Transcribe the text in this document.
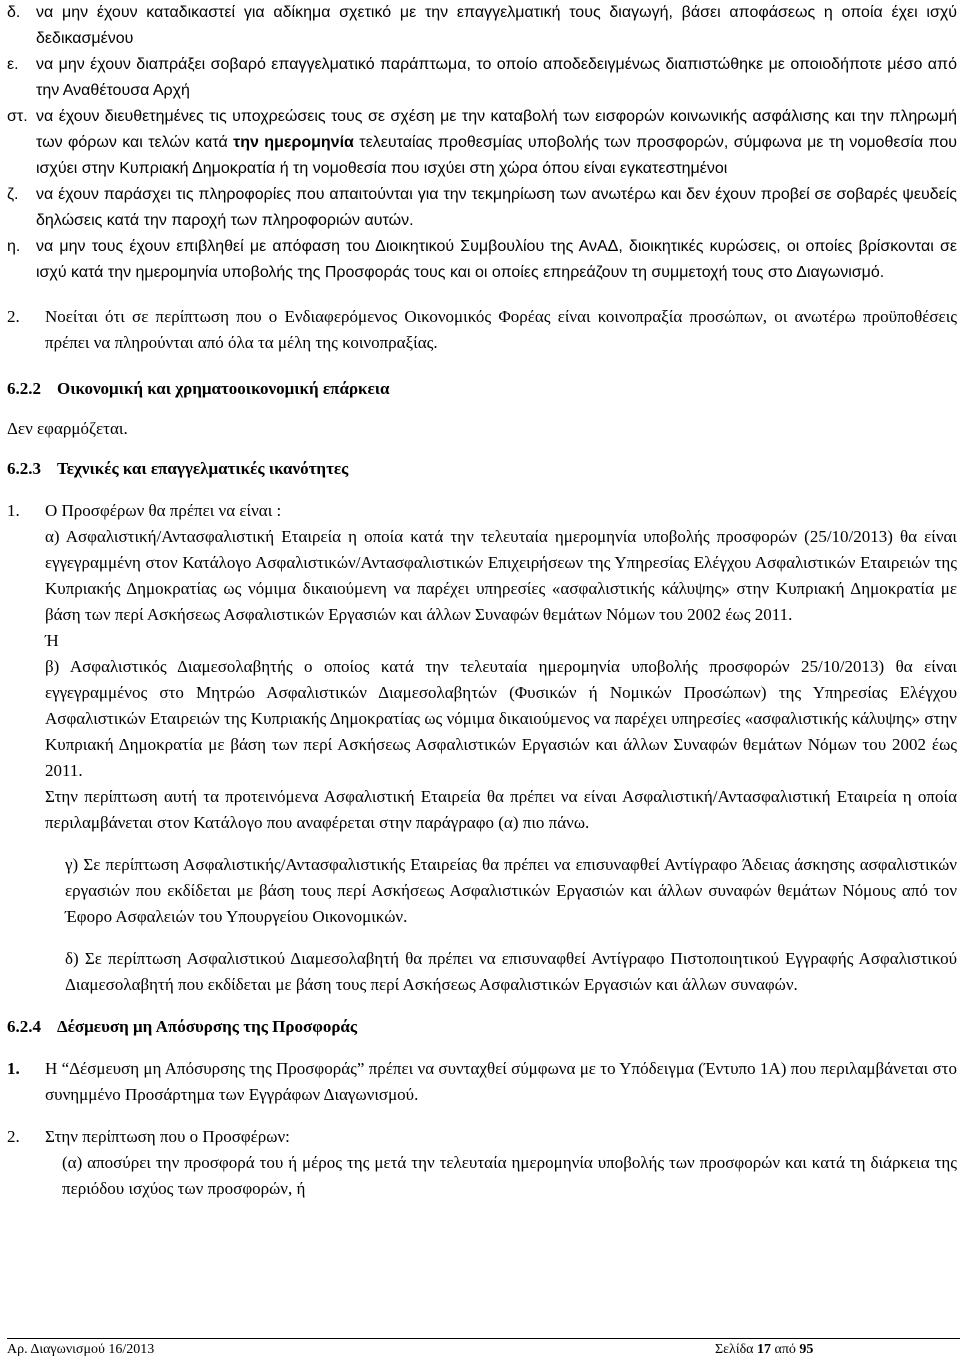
δ. να μην έχουν καταδικαστεί για αδίκημα σχετικό με την επαγγελματική τους διαγωγή, βάσει αποφάσεως η οποία έχει ισχύ δεδικασμένου
ε. να μην έχουν διαπράξει σοβαρό επαγγελματικό παράπτωμα, το οποίο αποδεδειγμένως διαπιστώθηκε με οποιοδήποτε μέσο από την Αναθέτουσα Αρχή
στ. να έχουν διευθετημένες τις υποχρεώσεις τους σε σχέση με την καταβολή των εισφορών κοινωνικής ασφάλισης και την πληρωμή των φόρων και τελών κατά την ημερομηνία τελευταίας προθεσμίας υποβολής των προσφορών, σύμφωνα με τη νομοθεσία που ισχύει στην Κυπριακή Δημοκρατία ή τη νομοθεσία που ισχύει στη χώρα όπου είναι εγκατεστημένοι
ζ. να έχουν παράσχει τις πληροφορίες που απαιτούνται για την τεκμηρίωση των ανωτέρω και δεν έχουν προβεί σε σοβαρές ψευδείς δηλώσεις κατά την παροχή των πληροφοριών αυτών.
η. να μην τους έχουν επιβληθεί με απόφαση του Διοικητικού Συμβουλίου της ΑνΑΔ, διοικητικές κυρώσεις, οι οποίες βρίσκονται σε ισχύ κατά την ημερομηνία υποβολής της Προσφοράς τους και οι οποίες επηρεάζουν τη συμμετοχή τους στο Διαγωνισμό.
2. Νοείται ότι σε περίπτωση που ο Ενδιαφερόμενος Οικονομικός Φορέας είναι κοινοπραξία προσώπων, οι ανωτέρω προϋποθέσεις πρέπει να πληρούνται από όλα τα μέλη της κοινοπραξίας.
6.2.2 Οικονομική και χρηματοοικονομική επάρκεια
Δεν εφαρμόζεται.
6.2.3 Τεχνικές και επαγγελματικές ικανότητες
1. Ο Προσφέρων θα πρέπει να είναι :
α) Ασφαλιστική/Αντασφαλιστική Εταιρεία η οποία κατά την τελευταία ημερομηνία υποβολής προσφορών (25/10/2013) θα είναι εγγεγραμμένη στον Κατάλογο Ασφαλιστικών/Αντασφαλιστικών Επιχειρήσεων της Υπηρεσίας Ελέγχου Ασφαλιστικών Εταιρειών της Κυπριακής Δημοκρατίας ως νόμιμα δικαιούμενη να παρέχει υπηρεσίες «ασφαλιστικής κάλυψης» στην Κυπριακή Δημοκρατία με βάση των περί Ασκήσεως Ασφαλιστικών Εργασιών και άλλων Συναφών θεμάτων Νόμων του 2002 έως 2011.
Ή
β) Ασφαλιστικός Διαμεσολαβητής ο οποίος κατά την τελευταία ημερομηνία υποβολής προσφορών 25/10/2013) θα είναι εγγεγραμμένος στο Μητρώο Ασφαλιστικών Διαμεσολαβητών (Φυσικών ή Νομικών Προσώπων) της Υπηρεσίας Ελέγχου Ασφαλιστικών Εταιρειών της Κυπριακής Δημοκρατίας ως νόμιμα δικαιούμενος να παρέχει υπηρεσίες «ασφαλιστικής κάλυψης» στην Κυπριακή Δημοκρατία με βάση των περί Ασκήσεως Ασφαλιστικών Εργασιών και άλλων Συναφών θεμάτων Νόμων του 2002 έως 2011.
Στην περίπτωση αυτή τα προτεινόμενα Ασφαλιστική Εταιρεία θα πρέπει να είναι Ασφαλιστική/Αντασφαλιστική Εταιρεία η οποία περιλαμβάνεται στον Κατάλογο που αναφέρεται στην παράγραφο (α) πιο πάνω.
γ) Σε περίπτωση Ασφαλιστικής/Αντασφαλιστικής Εταιρείας θα πρέπει να επισυναφθεί Αντίγραφο Άδειας άσκησης ασφαλιστικών εργασιών που εκδίδεται με βάση τους περί Ασκήσεως Ασφαλιστικών Εργασιών και άλλων συναφών θεμάτων Νόμους από τον Έφορο Ασφαλειών του Υπουργείου Οικονομικών.
δ) Σε περίπτωση Ασφαλιστικού Διαμεσολαβητή θα πρέπει να επισυναφθεί Αντίγραφο Πιστοποιητικού Εγγραφής Ασφαλιστικού Διαμεσολαβητή που εκδίδεται με βάση τους περί Ασκήσεως Ασφαλιστικών Εργασιών και άλλων συναφών.
6.2.4 Δέσμευση μη Απόσυρσης της Προσφοράς
1. Η “Δέσμευση μη Απόσυρσης της Προσφοράς” πρέπει να συνταχθεί σύμφωνα με το Υπόδειγμα (Έντυπο 1Α) που περιλαμβάνεται στο συνημμένο Προσάρτημα των Εγγράφων Διαγωνισμού.
2. Στην περίπτωση που ο Προσφέρων:
(α) αποσύρει την προσφορά του ή μέρος της μετά την τελευταία ημερομηνία υποβολής των προσφορών και κατά τη διάρκεια της περιόδου ισχύος των προσφορών, ή
Αρ. Διαγωνισμού 16/2013	Σελίδα 17 από 95
